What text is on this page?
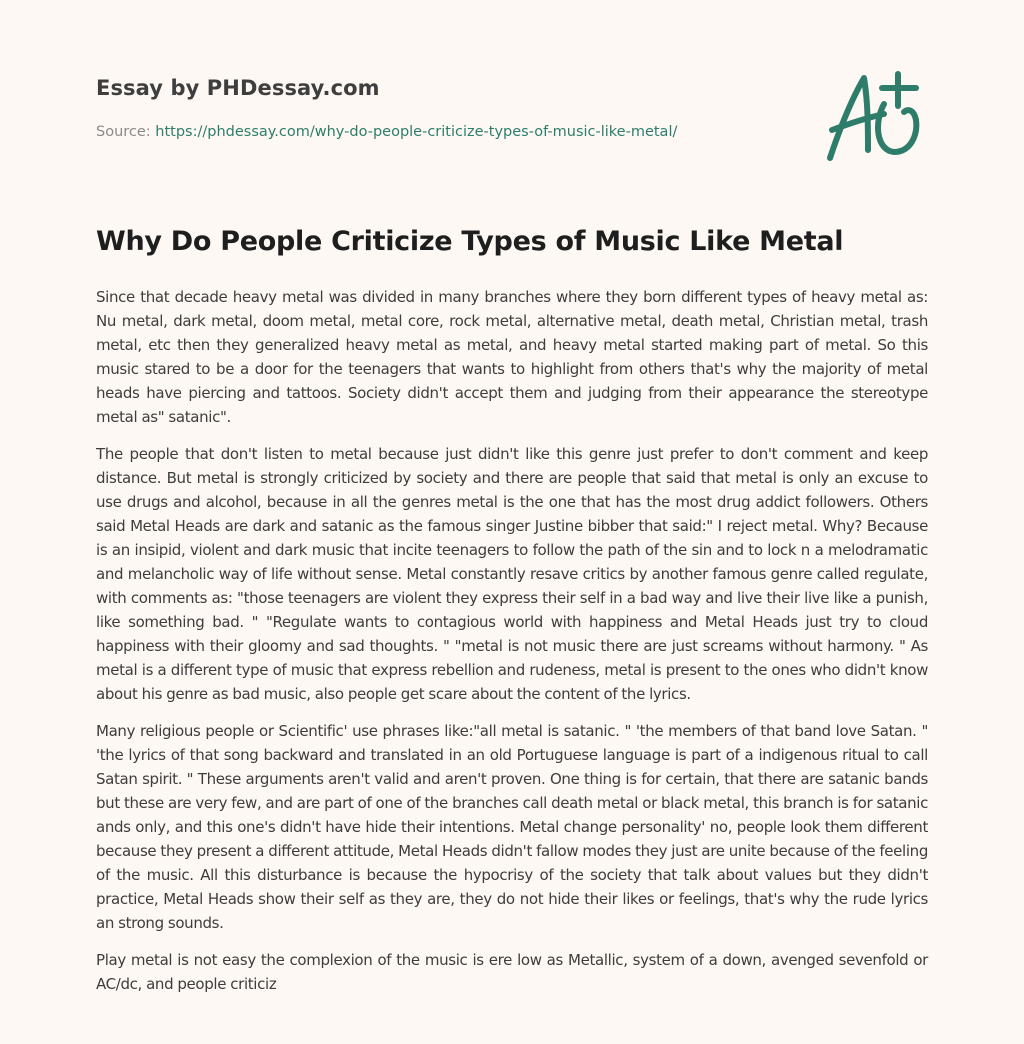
Essay by PHDessay.com
Source: https://phdessay.com/why-do-people-criticize-types-of-music-like-metal/
Why Do People Criticize Types of Music Like Metal

Since that decade heavy metal was divided in many branches where they born different types of heavy metal as: Nu metal, dark metal, doom metal, metal core, rock metal, alternative metal, death metal, Christian metal, trash metal, etc then they generalized heavy metal as metal, and heavy metal started making part of metal. So this music stared to be a door for the teenagers that wants to highlight from others that's why the majority of metal heads have piercing and tattoos. Society didn't accept them and judging from their appearance the stereotype metal as" satanic".

The people that don't listen to metal because just didn't like this genre just prefer to don't comment and keep distance. But metal is strongly criticized by society and there are people that said that metal is only an excuse to use drugs and alcohol, because in all the genres metal is the one that has the most drug addict followers. Others said Metal Heads are dark and satanic as the famous singer Justine bibber that said:" I reject metal. Why? Because is an insipid, violent and dark music that incite teenagers to follow the path of the sin and to lock n a melodramatic and melancholic way of life without sense. Metal constantly resave critics by another famous genre called regulate, with comments as: "those teenagers are violent they express their self in a bad way and live their live like a punish, like something bad. " "Regulate wants to contagious world with happiness and Metal Heads just try to cloud happiness with their gloomy and sad thoughts. " "metal is not music there are just screams without harmony. " As metal is a different type of music that express rebellion and rudeness, metal is present to the ones who didn't know about his genre as bad music, also people get scare about the content of the lyrics.

Many religious people or Scientific' use phrases like:"all metal is satanic. " 'the members of that band love Satan. " 'the lyrics of that song backward and translated in an old Portuguese language is part of a indigenous ritual to call Satan spirit. " These arguments aren't valid and aren't proven. One thing is for certain, that there are satanic bands but these are very few, and are part of one of the branches call death metal or black metal, this branch is for satanic ands only, and this one's didn't have hide their intentions. Metal change personality' no, people look them different because they present a different attitude, Metal Heads didn't fallow modes they just are unite because of the feeling of the music. All this disturbance is because the hypocrisy of the society that talk about values but they didn't practice, Metal Heads show their self as they are, they do not hide their likes or feelings, that's why the rude lyrics an strong sounds.

Play metal is not easy the complexion of the music is ere low as Metallic, system of a down, avenged sevenfold or AC/dc, and people criticiz
